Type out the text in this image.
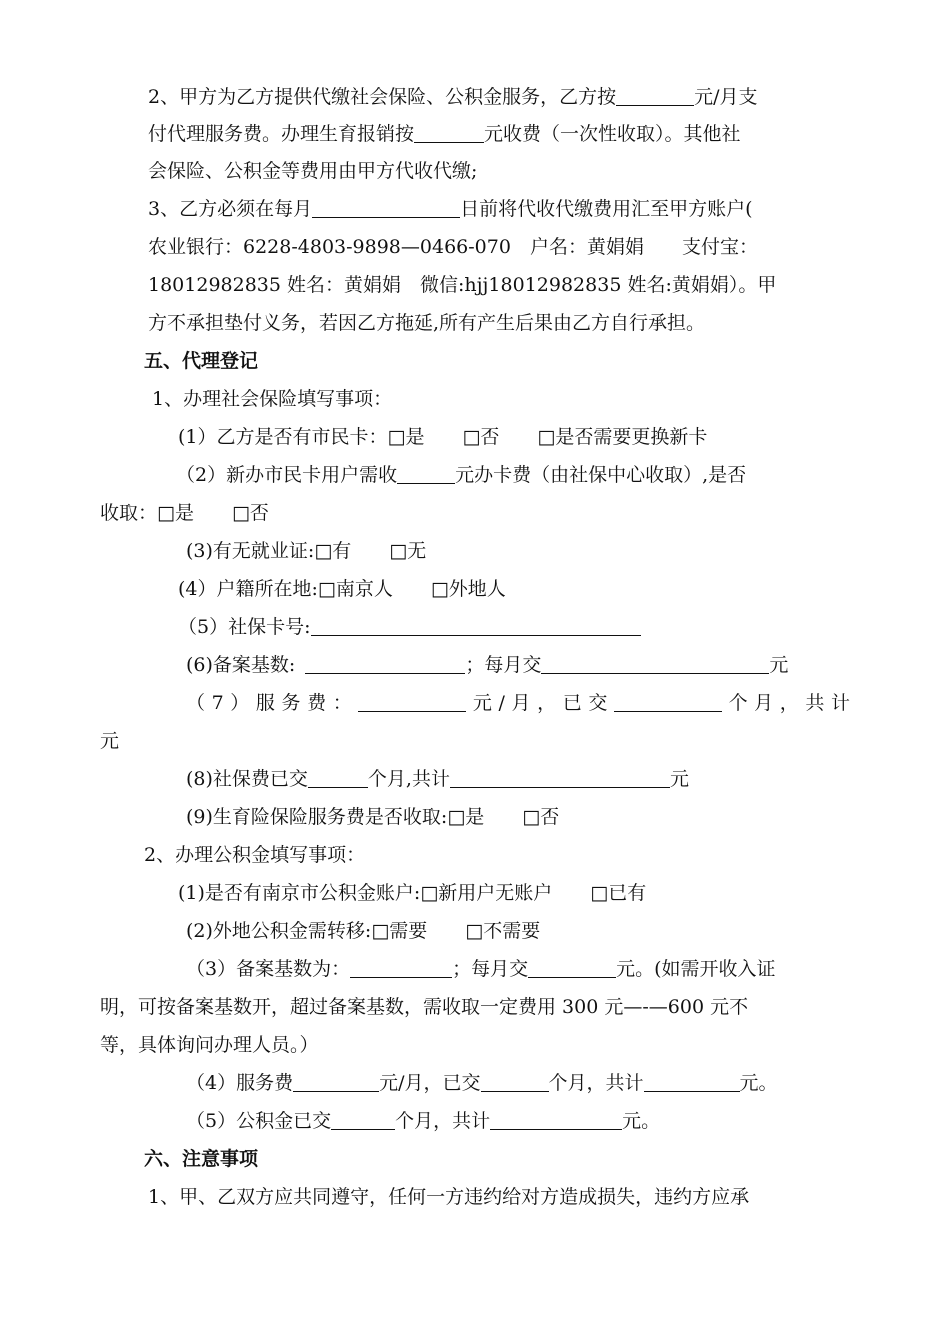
2、甲方为乙方提供代缴社会保险、公积金服务，乙方按	元/月支
付代理服务费。办理生育报销按	元收费（一次性收取）。其他社
会保险、公积金等费用由甲方代收代缴;
3、乙方必须在每月	日前将代收代缴费用汇至甲方账户(
农业银行：6228-4803-9898—0466-070　户名：黄娟娟　　支付宝：
18012982835 姓名：黄娟娟　微信:hjj18012982835 姓名:黄娟娟）。甲
方不承担垫付义务，若因乙方拖延,所有产生后果由乙方自行承担。
五、代理登记
1、办理社会保险填写事项：
(1）乙方是否有市民卡：□是　　□否　　□是否需要更换新卡
（2）新办市民卡用户需收	元办卡费（由社保中心收取）,是否
收取：□是　　□否
(3)有无就业证:□有　　□无
(4）户籍所在地:□南京人　　□外地人
（5）社保卡号:
(6)备案基数:	；每月交	元
（7）服务费：	元/月，已交	个月，共计
元
(8)社保费已交	个月,共计	元
(9)生育险保险服务费是否收取:□是　　□否
2、办理公积金填写事项：
(1)是否有南京市公积金账户:□新用户无账户　　□已有
(2)外地公积金需转移:□需要　　□不需要
（3）备案基数为：	；每月交	元。(如需开收入证
明，可按备案基数开，超过备案基数，需收取一定费用 300 元—-—600 元不
等，具体询问办理人员。）
（4）服务费	元/月，已交	个月，共计	元。
（5）公积金已交	个月，共计	元。
六、注意事项
1、甲、乙双方应共同遵守，任何一方违约给对方造成损失，违约方应承
